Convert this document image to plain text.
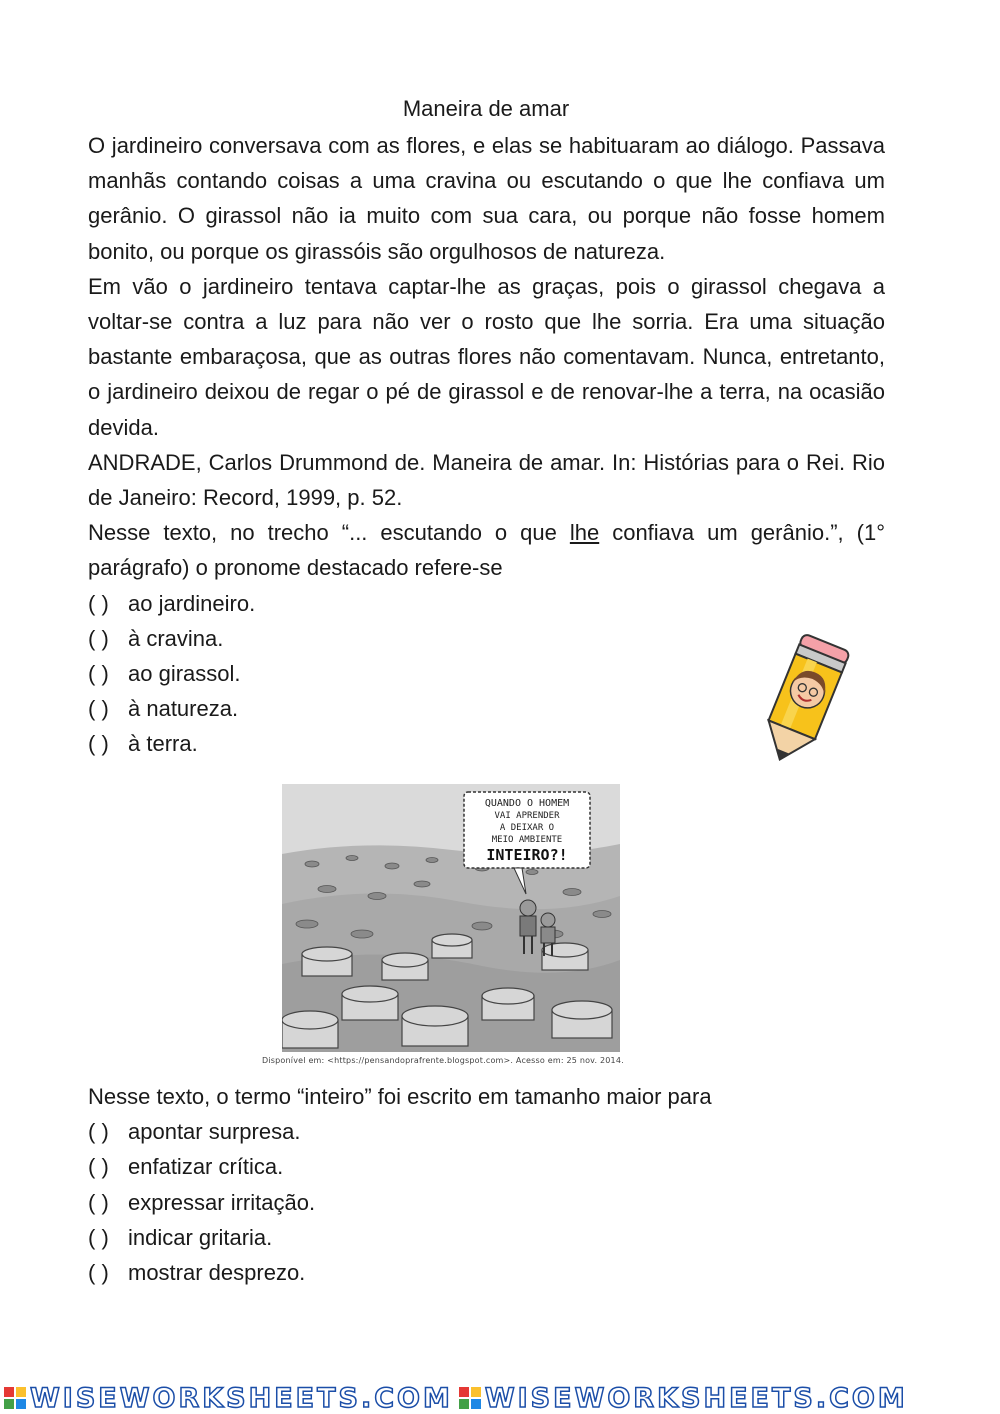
Maneira de amar

O jardineiro conversava com as flores, e elas se habituaram ao diálogo. Passava manhãs contando coisas a uma cravina ou escutando o que lhe confiava um gerânio. O girassol não ia muito com sua cara, ou porque não fosse homem bonito, ou porque os girassóis são orgulhosos de natureza.

Em vão o jardineiro tentava captar-lhe as graças, pois o girassol chegava a voltar-se contra a luz para não ver o rosto que lhe sorria. Era uma situação bastante embaraçosa, que as outras flores não comentavam. Nunca, entretanto, o jardineiro deixou de regar o pé de girassol e de renovar-lhe a terra, na ocasião devida.

ANDRADE, Carlos Drummond de. Maneira de amar. In: Histórias para o Rei. Rio de Janeiro: Record, 1999, p. 52.

Nesse texto, no trecho “... escutando o que lhe confiava um gerânio.”, (1° parágrafo) o pronome destacado refere-se

( ) ao jardineiro.
( ) à cravina.
( ) ao girassol.
( ) à natureza.
( ) à terra.
QUANDO O HOMEM
VAI APRENDER
A DEIXAR O
MEIO AMBIENTE
INTEIRO?!
Disponível em: <https://pensandoprafrente.blogspot.com>. Acesso em: 25 nov. 2014.

Nesse texto, o termo “inteiro” foi escrito em tamanho maior para

( ) apontar surpresa.
( ) enfatizar crítica.
( ) expressar irritação.
( ) indicar gritaria.
( ) mostrar desprezo.
WISEWORKSHEETS.COM WISEWORKSHEETS.COM
